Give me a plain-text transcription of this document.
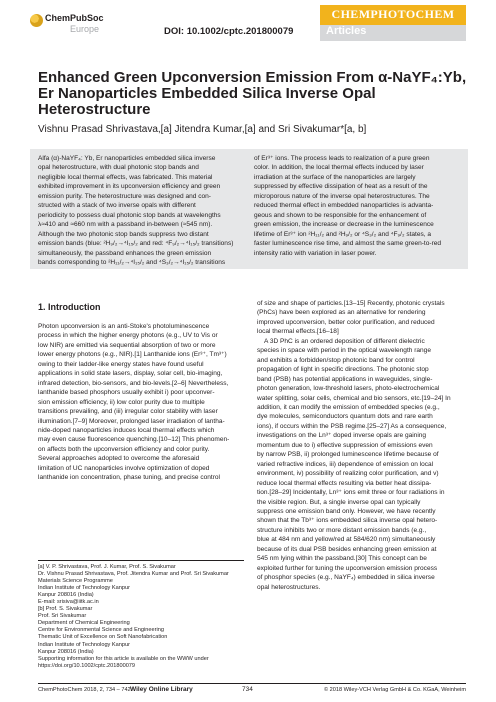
ChemPubSoc
Europe	DOI: 10.1002/cptc.201800079
CHEMPHOTOCHEM
Articles
Enhanced Green Upconversion Emission From α-NaYF₄:Yb, Er Nanoparticles Embedded Silica Inverse Opal Heterostructure
Vishnu Prasad Shrivastava,[a] Jitendra Kumar,[a] and Sri Sivakumar*[a, b]
Alfa (α)-NaYF₄: Yb, Er nanoparticles embedded silica inverse
opal heterostructure, with dual photonic stop bands and
negligible local thermal effects, was fabricated. This material
exhibited improvement in its upconversion efficiency and green
emission purity. The heterostructure was designed and con-
structed with a stack of two inverse opals with different
periodicity to possess dual photonic stop bands at wavelengths
λ≈410 and ≈660 nm with a passband in-between (≈545 nm).
Although the two photonic stop bands suppress two distant
emission bands (blue: ²H₉/₂→⁴I₁₅/₂ and red: ⁴F₉/₂→⁴I₁₅/₂ transitions)
simultaneously, the passband enhances the green emission
bands corresponding to ²H₁₁/₂→⁴I₁₅/₂ and ⁴S₃/₂→⁴I₁₅/₂ transitions
of Er³⁺ ions. The process leads to realization of a pure green
color. In addition, the local thermal effects induced by laser
irradiation at the surface of the nanoparticles are largely
suppressed by effective dissipation of heat as a result of the
microporous nature of the inverse opal heterostructures. The
reduced thermal effect in embedded nanoparticles is advanta-
geous and shown to be responsible for the enhancement of
green emission, the increase or decrease in the luminescence
lifetime of Er³⁺ ion ²H₁₁/₂ and ²H₉/₂ or ⁴S₃/₂ and ⁴F₉/₂ states, a
faster luminescence rise time, and almost the same green-to-red
intensity ratio with variation in laser power.
1. Introduction
Photon upconversion is an anti-Stoke's photoluminescence
process in which the higher energy photons (e.g., UV to Vis or
low NIR) are emitted via sequential absorption of two or more
lower energy photons (e.g., NIR).[1] Lanthanide ions (Er³⁺, Tm³⁺)
owing to their ladder-like energy states have found useful
applications in solid state lasers, display, solar cell, bio-imaging,
infrared detection, bio-sensors, and bio-levels.[2–6] Nevertheless,
lanthanide based phosphors usually exhibit i) poor upconver-
sion emission efficiency, ii) low color purity due to multiple
transitions prevailing, and (iii) irregular color stability with laser
illumination.[7–9] Moreover, prolonged laser irradiation of lantha-
nide-doped nanoparticles induces local thermal effects which
may even cause fluorescence quenching.[10–12] This phenomen-
on affects both the upconversion efficiency and color purity.
Several approaches adopted to overcome the aforesaid
limitation of UC nanoparticles involve optimization of doped
lanthanide ion concentration, phase tuning, and precise control
of size and shape of particles.[13–15] Recently, photonic crystals
(PhCs) have been explored as an alternative for rendering
improved upconversion, better color purification, and reduced
local thermal effects.[16–18]
A 3D PhC is an ordered deposition of different dielectric
species in space with period in the optical wavelength range
and exhibits a forbidden/stop photonic band for control
propagation of light in specific directions. The photonic stop
band (PSB) has potential applications in waveguides, single-
photon generation, low-threshold lasers, photo-electrochemical
water splitting, solar cells, chemical and bio sensors, etc.[19–24] In
addition, it can modify the emission of embedded species (e.g.,
dye molecules, semiconductors quantum dots and rare earth
ions), if occurs within the PSB regime.[25–27] As a consequence,
investigations on the Ln³⁺ doped inverse opals are gaining
momentum due to i) effective suppression of emissions even
by narrow PSB, ii) prolonged luminescence lifetime because of
varied refractive indices, iii) dependence of emission on local
environment, iv) possibility of realizing color purification, and v)
reduce local thermal effects resulting via better heat dissipa-
tion.[28–29] Incidentally, Ln³⁺ ions emit three or four radiations in
the visible region. But, a single inverse opal can typically
suppress one emission band only. However, we have recently
shown that the Tb³⁺ ions embedded silica inverse opal hetero-
structure inhibits two or more distant emission bands (e.g.,
blue at 484 nm and yellow/red at 584/620 nm) simultaneously
because of its dual PSB besides enhancing green emission at
545 nm lying within the passband.[30] This concept can be
exploited further for tuning the upconversion emission process
of phosphor species (e.g., NaYF₄) embedded in silica inverse
opal heterostructures.
[a] V. P. Shrivastava, Prof. J. Kumar, Prof. S. Sivakumar
Dr. Vishnu Prasad Shrivastava, Prof. Jitendra Kumar and Prof. Sri Sivakumar
Materials Science Programme
Indian Institute of Technology Kanpur
Kanpur 208016 (India)
E-mail: srisiva@iitk.ac.in
[b] Prof. S. Sivakumar
Prof. Sri Sivakumar
Department of Chemical Engineering
Centre for Environmental Science and Engineering
Thematic Unit of Excellence on Soft Nanofabrication
Indian Institute of Technology Kanpur
Kanpur 208016 (India)
Supporting information for this article is available on the WWW under
https://doi.org/10.1002/cptc.201800079
ChemPhotoChem 2018, 2, 734 – 742 Wiley Online Library	734	© 2018 Wiley-VCH Verlag GmbH & Co. KGaA, Weinheim
